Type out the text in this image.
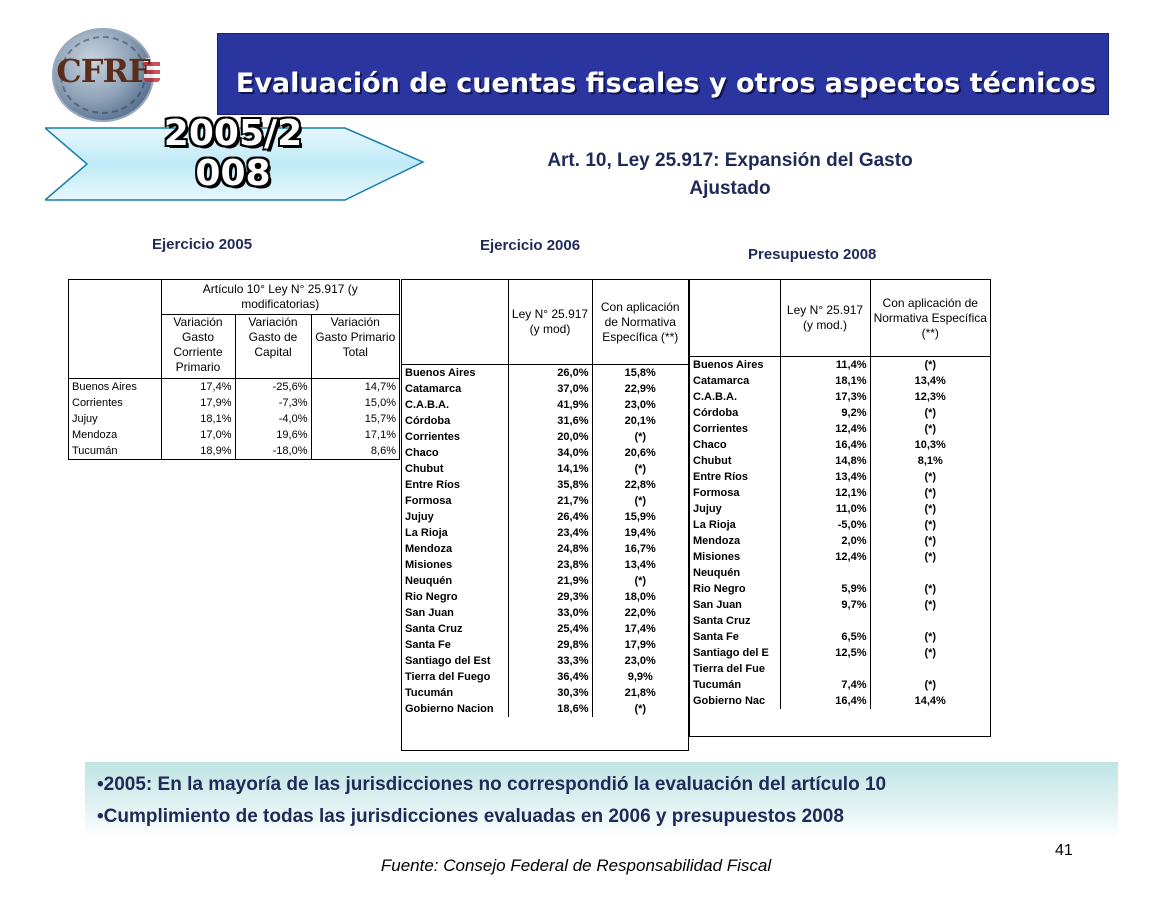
CFRF	Evaluación de cuentas fiscales y otros aspectos técnicos
2005/2008	Art. 10, Ley 25.917: Expansión del Gasto
Ajustado
Ejercicio 2005	Ejercicio 2006
Presupuesto 2008
	Artículo 10° Ley N° 25.917 (y modificatorias)		
	Variación Gasto Corriente Primario	Variación Gasto de Capital	Variación Gasto Primario Total
Buenos Aires	17,4%	-25,6%	14,7%
Corrientes	17,9%	-7,3%	15,0%
Jujuy	18,1%	-4,0%	15,7%
Mendoza	17,0%	19,6%	17,1%
Tucumán	18,9%	-18,0%	8,6%
	Ley N° 25.917 (y mod)	Con aplicación de Normativa Específica (**)
Buenos Aires	26,0%	15,8%
Catamarca	37,0%	22,9%
C.A.B.A.	41,9%	23,0%
Córdoba	31,6%	20,1%
Corrientes	20,0%	(*)
Chaco	34,0%	20,6%
Chubut	14,1%	(*)
Entre Ríos	35,8%	22,8%
Formosa	21,7%	(*)
Jujuy	26,4%	15,9%
La Rioja	23,4%	19,4%
Mendoza	24,8%	16,7%
Misiones	23,8%	13,4%
Neuquén	21,9%	(*)
Rio Negro	29,3%	18,0%
San Juan	33,0%	22,0%
Santa Cruz	25,4%	17,4%
Santa Fe	29,8%	17,9%
Santiago del Est	33,3%	23,0%
Tierra del Fuego	36,4%	9,9%
Tucumán	30,3%	21,8%

Gobierno Nacion	18,6%	(*)
	Ley N° 25.917 (y mod.)	Con aplicación de Normativa Específica (**)
Buenos Aires	11,4%	(*)
Catamarca	18,1%	13,4%
C.A.B.A.	17,3%	12,3%
Córdoba	9,2%	(*)
Corrientes	12,4%	(*)
Chaco	16,4%	10,3%
Chubut	14,8%	8,1%
Entre Ríos	13,4%	(*)
Formosa	12,1%	(*)
Jujuy	11,0%	(*)
La Rioja	-5,0%	(*)
Mendoza	2,0%	(*)
Misiones	12,4%	(*)
Neuquén		
Rio Negro	5,9%	(*)
San Juan	9,7%	(*)
Santa Cruz		
Santa Fe	6,5%	(*)
Santiago del E	12,5%	(*)
Tierra del Fue		
Tucumán	7,4%	(*)
Gobierno Nac	16,4%	14,4%
•2005: En la mayoría de las jurisdicciones no correspondió la evaluación del artículo 10
•Cumplimiento de todas las jurisdicciones evaluadas en 2006 y presupuestos 2008
41
Fuente: Consejo Federal de Responsabilidad Fiscal
